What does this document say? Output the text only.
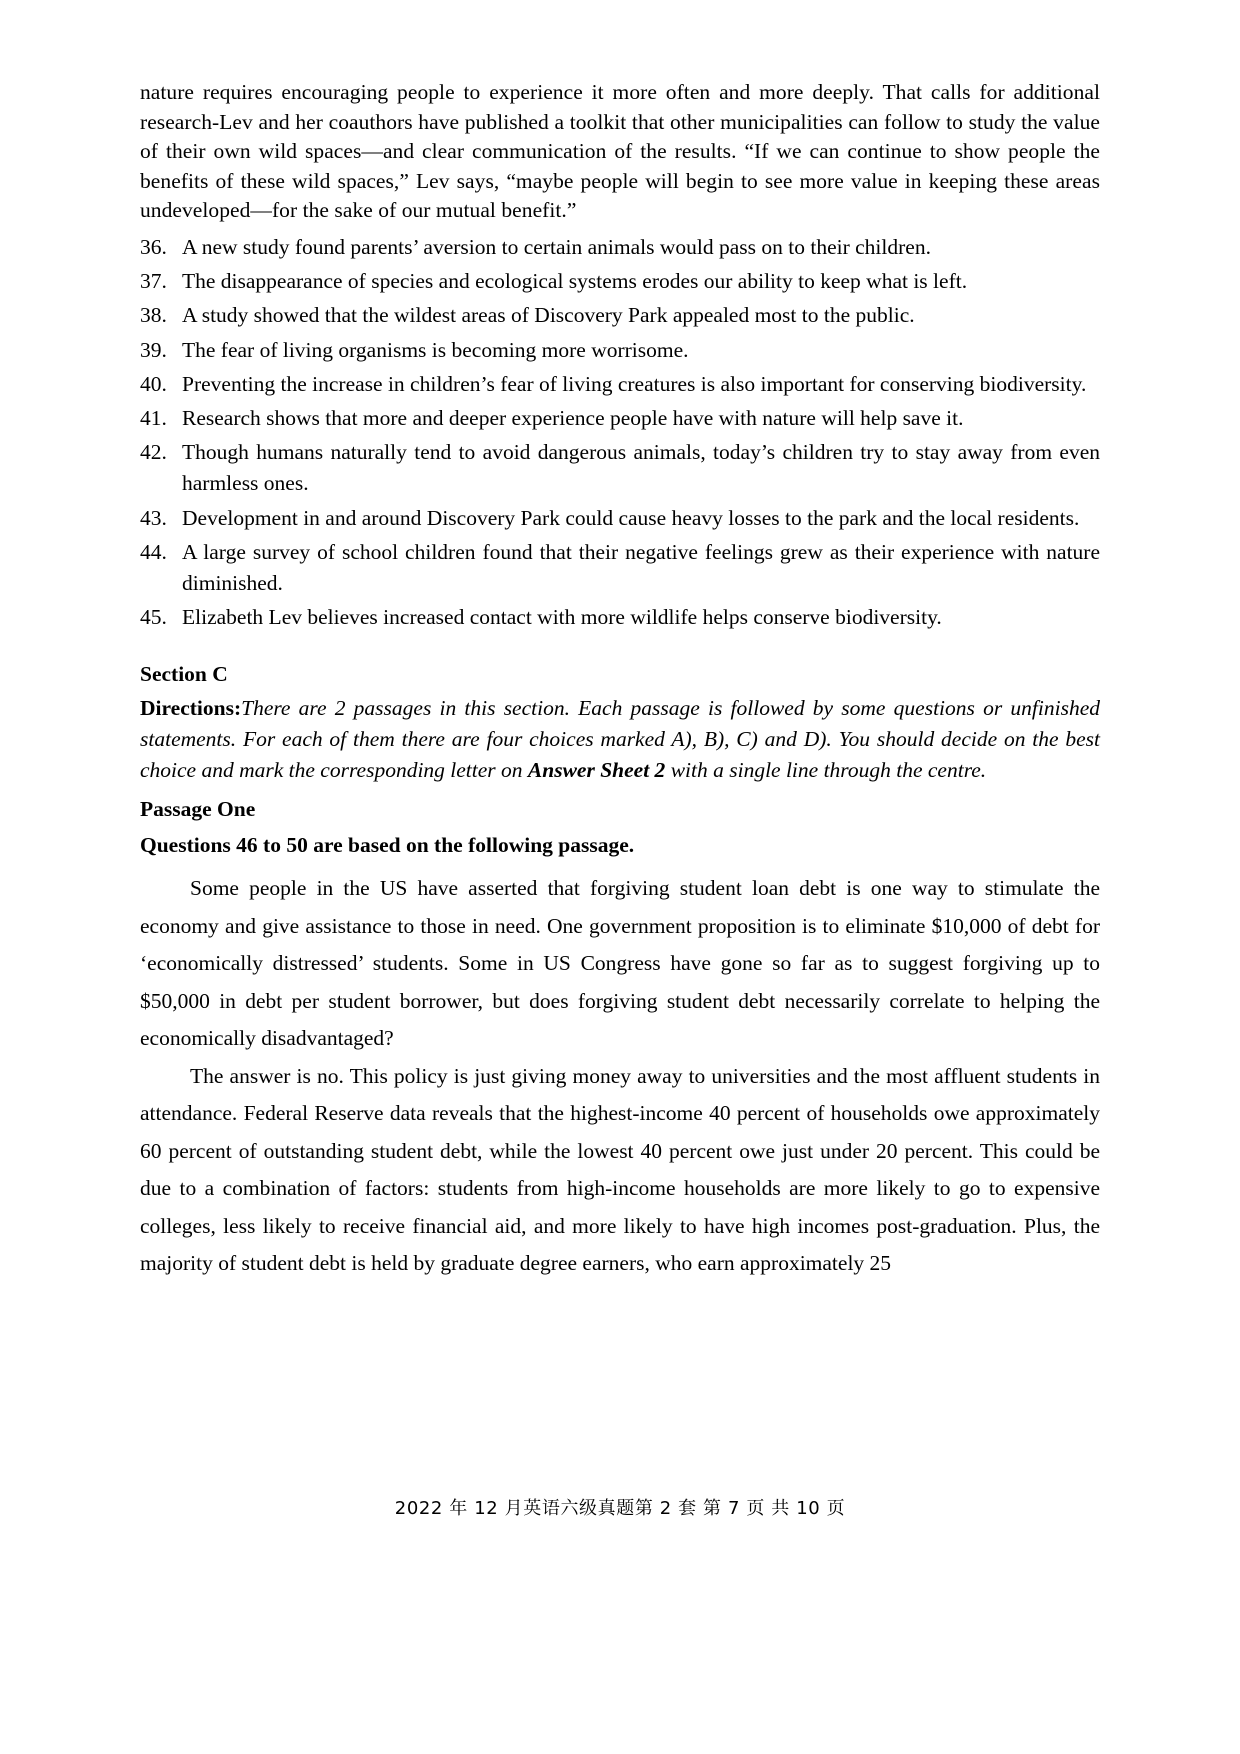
nature requires encouraging people to experience it more often and more deeply. That calls for additional research-Lev and her coauthors have published a toolkit that other municipalities can follow to study the value of their own wild spaces—and clear communication of the results. “If we can continue to show people the benefits of these wild spaces,” Lev says, “maybe people will begin to see more value in keeping these areas undeveloped—for the sake of our mutual benefit.”

36. A new study found parents’ aversion to certain animals would pass on to their children.
37. The disappearance of species and ecological systems erodes our ability to keep what is left.
38. A study showed that the wildest areas of Discovery Park appealed most to the public.
39. The fear of living organisms is becoming more worrisome.
40. Preventing the increase in children’s fear of living creatures is also important for conserving biodiversity.
41. Research shows that more and deeper experience people have with nature will help save it.
42. Though humans naturally tend to avoid dangerous animals, today’s children try to stay away from even harmless ones.
43. Development in and around Discovery Park could cause heavy losses to the park and the local residents.
44. A large survey of school children found that their negative feelings grew as their experience with nature diminished.
45. Elizabeth Lev believes increased contact with more wildlife helps conserve biodiversity.
Section C

Directions:There are 2 passages in this section. Each passage is followed by some questions or unfinished statements. For each of them there are four choices marked A), B), C) and D). You should decide on the best choice and mark the corresponding letter on Answer Sheet 2 with a single line through the centre.

Passage One
Questions 46 to 50 are based on the following passage.

Some people in the US have asserted that forgiving student loan debt is one way to stimulate the economy and give assistance to those in need. One government proposition is to eliminate $10,000 of debt for ‘economically distressed’ students. Some in US Congress have gone so far as to suggest forgiving up to $50,000 in debt per student borrower, but does forgiving student debt necessarily correlate to helping the economically disadvantaged?

The answer is no. This policy is just giving money away to universities and the most affluent students in attendance. Federal Reserve data reveals that the highest-income 40 percent of households owe approximately 60 percent of outstanding student debt, while the lowest 40 percent owe just under 20 percent. This could be due to a combination of factors: students from high-income households are more likely to go to expensive colleges, less likely to receive financial aid, and more likely to have high incomes post-graduation. Plus, the majority of student debt is held by graduate degree earners, who earn approximately 25

2022 年 12 月英语六级真题第 2 套 第 7 页 共 10 页
